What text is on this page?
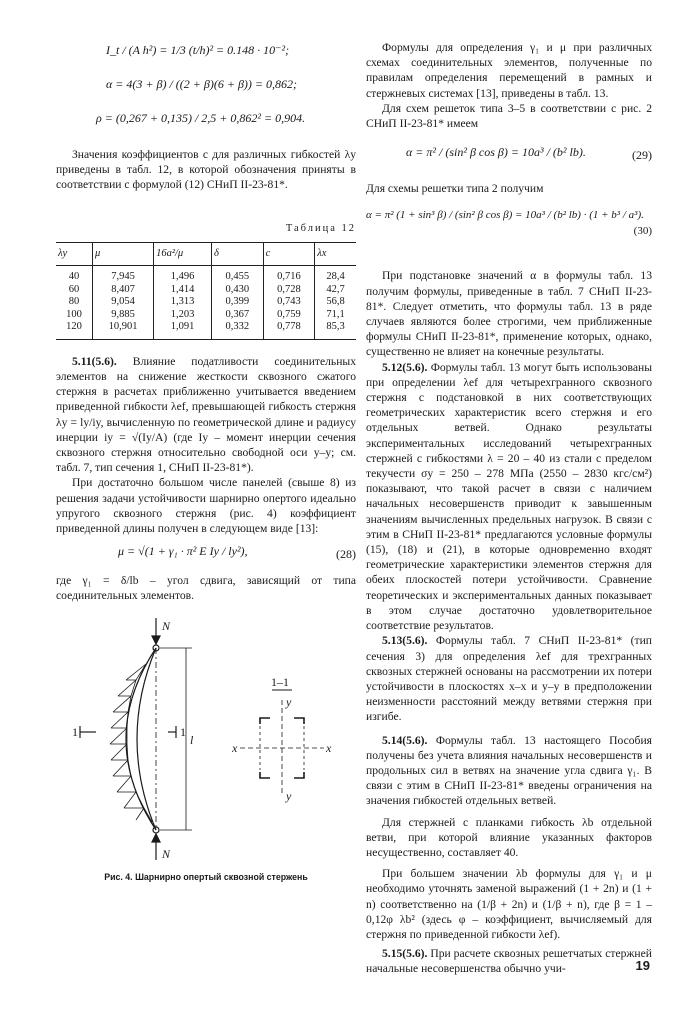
I_t / (A h²) = 1/3 (t/h)² = 0.148 · 10⁻²;
α = 4(3 + β) / ((2 + β)(6 + β)) = 0,862;
ρ = (0,267 + 0,135) / 2,5 + 0,862² = 0,904.

Значения коэффициентов c для различных гибкостей λy приведены в табл. 12, в которой обозначения приняты в соответствии с формулой (12) СНиП II-23-81*.

Таблица 12
λy	μ	16a²/μ	δ	c	λx
40	7,945	1,496	0,455	0,716	28,4
60	8,407	1,414	0,430	0,728	42,7
80	9,054	1,313	0,399	0,743	56,8
100	9,885	1,203	0,367	0,759	71,1
120	10,901	1,091	0,332	0,778	85,3

5.11(5.6). Влияние податливости соединительных элементов на снижение жесткости сквозного сжатого стержня в расчетах приближенно учитывается введением приведенной гибкости λef, превышающей гибкость стержня λy = ly/iy, вычисленную по геометрической длине и радиусу инерции iy = √(Iy/A) (где Iy – момент инерции сечения сквозного стержня относительно свободной оси y–y; см. табл. 7, тип сечения 1, СНиП II-23-81*).

При достаточно большом числе панелей (свыше 8) из решения задачи устойчивости шарнирно опертого идеально упругого сквозного стержня (рис. 4) коэффициент приведенной длины получен в следующем виде [13]:

μ = √(1 + γ₁ · π² E Iy / ly²),	(28)

где γ₁ = δ/lb – угол сдвига, зависящий от типа соединительных элементов.

N
N
l
1	1
1–1
x	x
y
y
Рис. 4. Шарнирно опертый сквозной стержень

Формулы для определения γ₁ и μ при различных схемах соединительных элементов, полученные по правилам определения перемещений в рамных и стержневых системах [13], приведены в табл. 13.

Для схем решеток типа 3–5 в соответствии с рис. 2 СНиП II-23-81* имеем

α = π² / (sin² β cos β) = 10a³ / (b² lb).	(29)

Для схемы решетки типа 2 получим

α = π² (1 + sin³ β) / (sin² β cos β) = 10a³ / (b² lb) · (1 + b³ / a³).
(30)

При подстановке значений α в формулы табл. 13 получим формулы, приведенные в табл. 7 СНиП II-23-81*. Следует отметить, что формулы табл. 13 в ряде случаев являются более строгими, чем приближенные формулы СНиП II-23-81*, применение которых, однако, существенно не влияет на конечные результаты.

5.12(5.6). Формулы табл. 13 могут быть использованы при определении λef для четырехгранного сквозного стержня с подстановкой в них соответствующих геометрических характеристик всего стержня и его отдельных ветвей. Однако результаты экспериментальных исследований четырехгранных стержней с гибкостями λ = 20 – 40 из стали с пределом текучести σy = 250 – 278 МПа (2550 – 2830 кгс/см²) показывают, что такой расчет в связи с наличием начальных несовершенств приводит к завышенным значениям вычисленных предельных нагрузок. В связи с этим в СНиП II-23-81* предлагаются условные формулы (15), (18) и (21), в которые одновременно входят геометрические характеристики элементов стержня для обеих плоскостей потери устойчивости. Сравнение теоретических и экспериментальных данных показывает в этом случае достаточно удовлетворительное соответствие результатов.

5.13(5.6). Формулы табл. 7 СНиП II-23-81* (тип сечения 3) для определения λef для трехгранных сквозных стержней основаны на рассмотрении их потери устойчивости в плоскостях x–x и y–y в предположении неизменности расстояний между ветвями стержня при изгибе.

5.14(5.6). Формулы табл. 13 настоящего Пособия получены без учета влияния начальных несовершенств и продольных сил в ветвях на значение угла сдвига γ₁. В связи с этим в СНиП II-23-81* введены ограничения на значения гибкостей отдельных ветвей.

Для стержней с планками гибкость λb отдельной ветви, при которой влияние указанных факторов несущественно, составляет 40.

При большем значении λb формулы для γ₁ и μ необходимо уточнять заменой выражений (1 + 2n) и (1 + n) соответственно на (1/β + 2n) и (1/β + n), где β = 1 – 0,12φ λb² (здесь φ – коэффициент, вычисляемый для стержня по приведенной гибкости λef).

5.15(5.6). При расчете сквозных решетчатых стержней начальные несовершенства обычно учи-	19
